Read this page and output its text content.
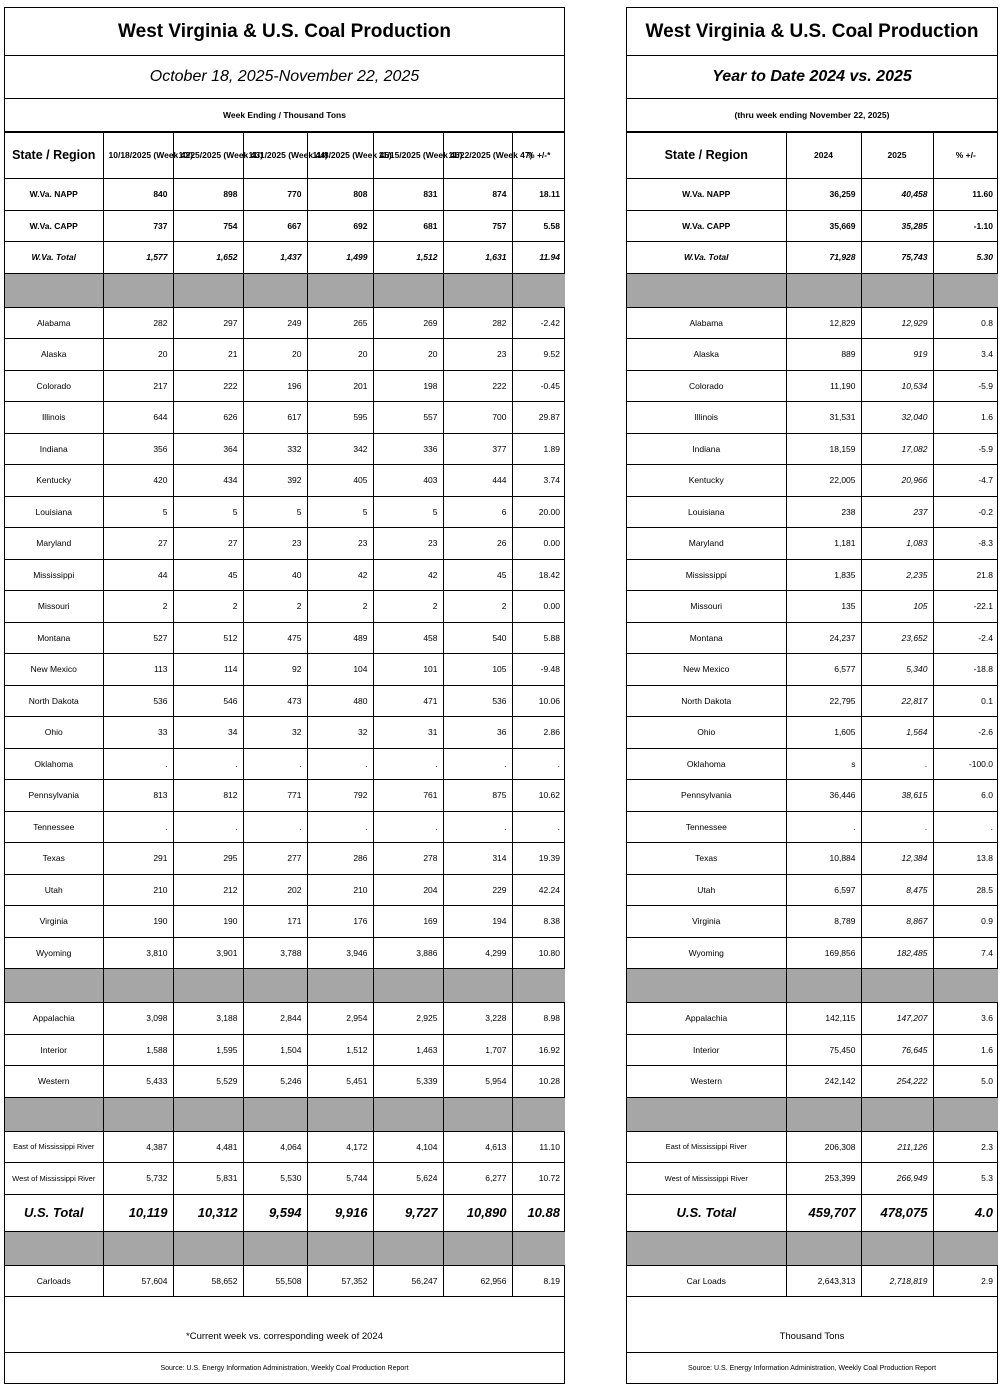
West Virginia & U.S. Coal Production
October 18, 2025-November 22, 2025
Week Ending / Thousand Tons
State / Region	10/18/2025 (Week 42)	10/25/2025 (Week 43)	11/1/2025 (Week 44)	11/8/2025 (Week 45)	11/15/2025 (Week 46)	11/22/2025 (Week 47)	% +/-*
W.Va. NAPP	840	898	770	808	831	874	18.11
W.Va. CAPP	737	754	667	692	681	757	5.58
W.Va. Total	1,577	1,652	1,437	1,499	1,512	1,631	11.94

Alabama	282	297	249	265	269	282	-2.42
Alaska	20	21	20	20	20	23	9.52
Colorado	217	222	196	201	198	222	-0.45
Illinois	644	626	617	595	557	700	29.87
Indiana	356	364	332	342	336	377	1.89
Kentucky	420	434	392	405	403	444	3.74
Louisiana	5	5	5	5	5	6	20.00
Maryland	27	27	23	23	23	26	0.00
Mississippi	44	45	40	42	42	45	18.42
Missouri	2	2	2	2	2	2	0.00
Montana	527	512	475	489	458	540	5.88
New Mexico	113	114	92	104	101	105	-9.48
North Dakota	536	546	473	480	471	536	10.06
Ohio	33	34	32	32	31	36	2.86
Oklahoma	.	.	.	.	.	.	.
Pennsylvania	813	812	771	792	761	875	10.62
Tennessee	.	.	.	.	.	.	.
Texas	291	295	277	286	278	314	19.39
Utah	210	212	202	210	204	229	42.24
Virginia	190	190	171	176	169	194	8.38
Wyoming	3,810	3,901	3,788	3,946	3,886	4,299	10.80

Appalachia	3,098	3,188	2,844	2,954	2,925	3,228	8.98
Interior	1,588	1,595	1,504	1,512	1,463	1,707	16.92
Western	5,433	5,529	5,246	5,451	5,339	5,954	10.28

East of Mississippi River	4,387	4,481	4,064	4,172	4,104	4,613	11.10
West of Mississippi River	5,732	5,831	5,530	5,744	5,624	6,277	10.72
U.S. Total	10,119	10,312	9,594	9,916	9,727	10,890	10.88

Carloads	57,604	58,652	55,508	57,352	56,247	62,956	8.19
*Current week vs. corresponding week of 2024
Source: U.S. Energy Information Administration, Weekly Coal Production Report
West Virginia & U.S. Coal Production
Year to Date 2024 vs. 2025
(thru week ending November 22, 2025)
State / Region	2024	2025	% +/-
W.Va. NAPP	36,259	40,458	11.60
W.Va. CAPP	35,669	35,285	-1.10
W.Va. Total	71,928	75,743	5.30

Alabama	12,829	12,929	0.8
Alaska	889	919	3.4
Colorado	11,190	10,534	-5.9
Illinois	31,531	32,040	1.6
Indiana	18,159	17,082	-5.9
Kentucky	22,005	20,966	-4.7
Louisiana	238	237	-0.2
Maryland	1,181	1,083	-8.3
Mississippi	1,835	2,235	21.8
Missouri	135	105	-22.1
Montana	24,237	23,652	-2.4
New Mexico	6,577	5,340	-18.8
North Dakota	22,795	22,817	0.1
Ohio	1,605	1,564	-2.6
Oklahoma	s	.	-100.0
Pennsylvania	36,446	38,615	6.0
Tennessee	.	.	.
Texas	10,884	12,384	13.8
Utah	6,597	8,475	28.5
Virginia	8,789	8,867	0.9
Wyoming	169,856	182,485	7.4

Appalachia	142,115	147,207	3.6
Interior	75,450	76,645	1.6
Western	242,142	254,222	5.0

East of Mississippi River	206,308	211,126	2.3
West of Mississippi River	253,399	266,949	5.3
U.S. Total	459,707	478,075	4.0

Car Loads	2,643,313	2,718,819	2.9
Thousand Tons
Source: U.S. Energy Information Administration, Weekly Coal Production Report
